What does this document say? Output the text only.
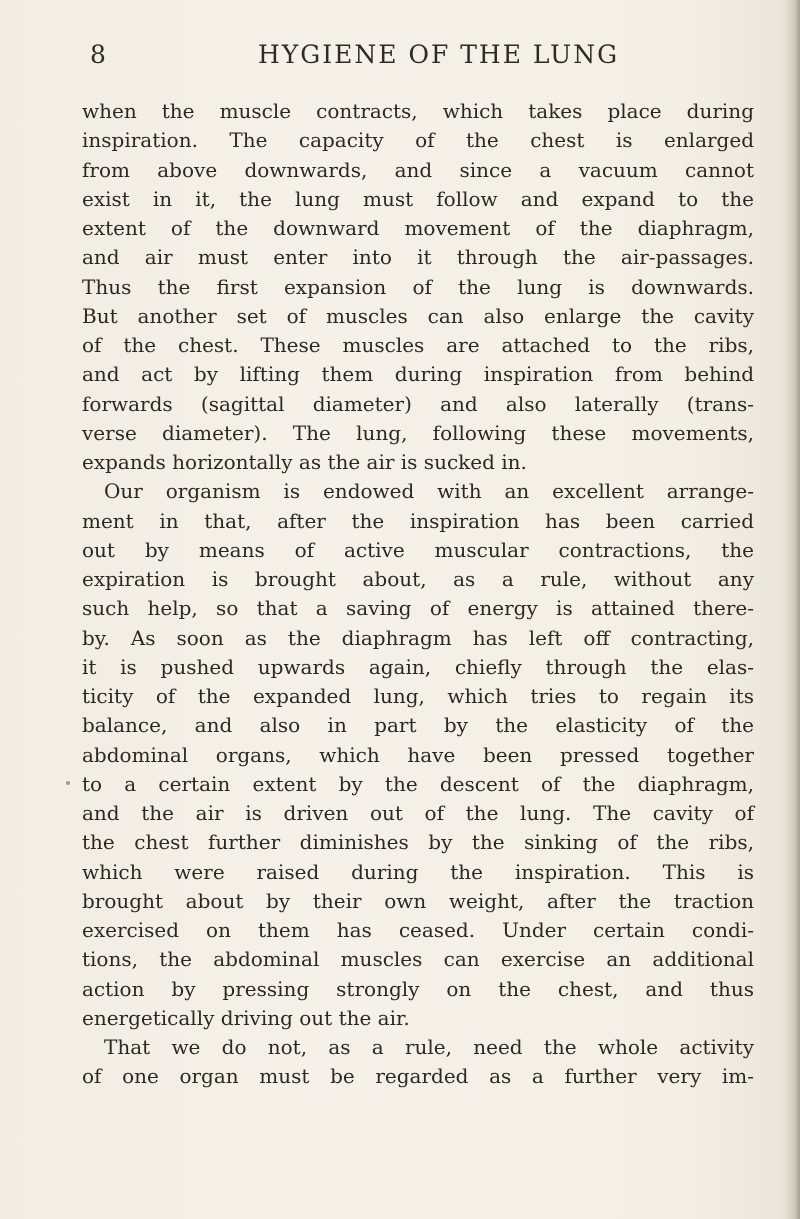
8	HYGIENE OF THE LUNG
when the muscle contracts, which takes place during
inspiration. The capacity of the chest is enlarged
from above downwards, and since a vacuum cannot
exist in it, the lung must follow and expand to the
extent of the downward movement of the diaphragm,
and air must enter into it through the air-passages.
Thus the first expansion of the lung is downwards.
But another set of muscles can also enlarge the cavity
of the chest. These muscles are attached to the ribs,
and act by lifting them during inspiration from behind
forwards (sagittal diameter) and also laterally (trans-
verse diameter). The lung, following these movements,
expands horizontally as the air is sucked in.
Our organism is endowed with an excellent arrange-
ment in that, after the inspiration has been carried
out by means of active muscular contractions, the
expiration is brought about, as a rule, without any
such help, so that a saving of energy is attained there-
by. As soon as the diaphragm has left off contracting,
it is pushed upwards again, chiefly through the elas-
ticity of the expanded lung, which tries to regain its
balance, and also in part by the elasticity of the
abdominal organs, which have been pressed together
to a certain extent by the descent of the diaphragm,
and the air is driven out of the lung. The cavity of
the chest further diminishes by the sinking of the ribs,
which were raised during the inspiration. This is
brought about by their own weight, after the traction
exercised on them has ceased. Under certain condi-
tions, the abdominal muscles can exercise an additional
action by pressing strongly on the chest, and thus
energetically driving out the air.
That we do not, as a rule, need the whole activity
of one organ must be regarded as a further very im-
